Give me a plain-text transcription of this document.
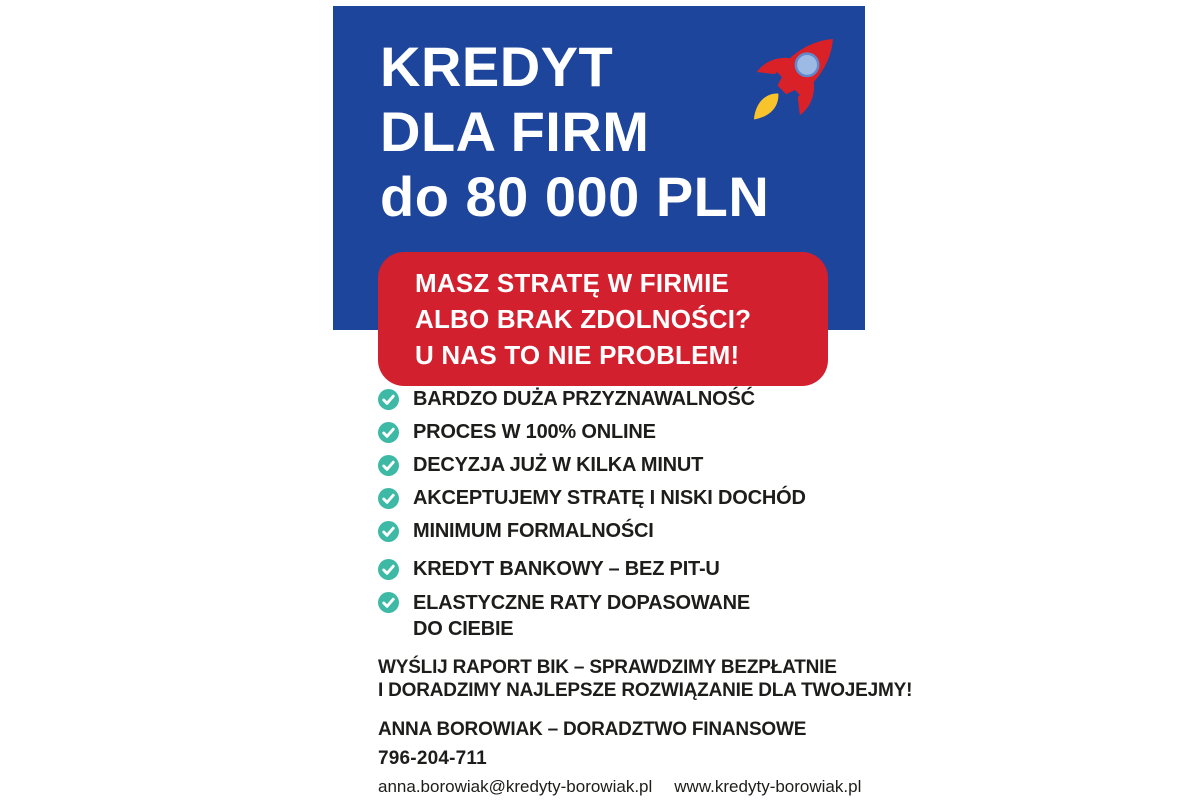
KREDYT
DLA FIRM
do 80 000 PLN
MASZ STRATĘ W FIRMIE
ALBO BRAK ZDOLNOŚCI?
U NAS TO NIE PROBLEM!
BARDZO DUŻA PRZYZNAWALNOŚĆ
PROCES W 100% ONLINE
DECYZJA JUŻ W KILKA MINUT
AKCEPTUJEMY STRATĘ I NISKI DOCHÓD
MINIMUM FORMALNOŚCI
KREDYT BANKOWY – BEZ PIT-U
ELASTYCZNE RATY DOPASOWANE DO CIEBIE
WYŚLIJ RAPORT BIK – SPRAWDZIMY BEZPŁATNIE
I DORADZIMY NAJLEPSZE ROZWIĄZANIE DLA TWOJEJMY!
ANNA BOROWIAK – DORADZTWO FINANSOWE
796-204-711
anna.borowiak@kredyty-borowiak.pl www.kredyty-borowiak.pl
